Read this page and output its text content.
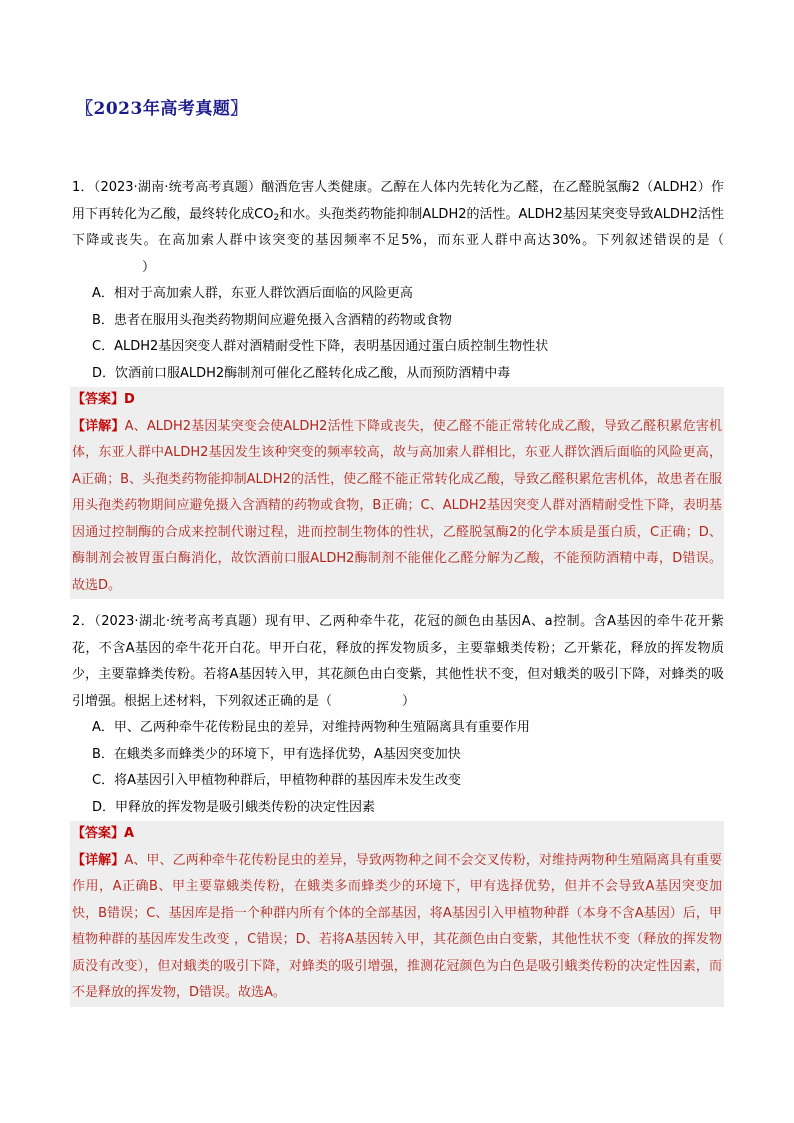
〖2023年高考真题〗

1．（2023·湖南·统考高考真题）酗酒危害人类健康。乙醇在人体内先转化为乙醛，在乙醛脱氢酶2（ALDH2）作用下再转化为乙酸，最终转化成$CO_2$和水。头孢类药物能抑制ALDH2的活性。ALDH2基因某突变导致ALDH2活性下降或丧失。在高加索人群中该突变的基因频率不足5%，而东亚人群中高达30%。下列叙述错误的是（）

A．相对于高加索人群，东亚人群饮酒后面临的风险更高

B．患者在服用头孢类药物期间应避免摄入含酒精的药物或食物

C．ALDH2基因突变人群对酒精耐受性下降，表明基因通过蛋白质控制生物性状

D．饮酒前口服ALDH2酶制剂可催化乙醛转化成乙酸，从而预防酒精中毒

【答案】D

【详解】A、ALDH2基因某突变会使ALDH2活性下降或丧失，使乙醛不能正常转化成乙酸，导致乙醛积累危害机体，东亚人群中ALDH2基因发生该种突变的频率较高，故与高加索人群相比，东亚人群饮酒后面临的风险更高，A正确；B、头孢类药物能抑制ALDH2的活性，使乙醛不能正常转化成乙酸，导致乙醛积累危害机体，故患者在服用头孢类药物期间应避免摄入含酒精的药物或食物，B正确；C、ALDH2基因突变人群对酒精耐受性下降，表明基因通过控制酶的合成来控制代谢过程，进而控制生物体的性状，乙醛脱氢酶2的化学本质是蛋白质，C正确；D、酶制剂会被胃蛋白酶消化，故饮酒前口服ALDH2酶制剂不能催化乙醛分解为乙酸，不能预防酒精中毒，D错误。故选D。

2．（2023·湖北·统考高考真题）现有甲、乙两种牵牛花，花冠的颜色由基因A、a控制。含A基因的牵牛花开紫花，不含A基因的牵牛花开白花。甲开白花，释放的挥发物质多，主要靠蛾类传粉；乙开紫花，释放的挥发物质少，主要靠蜂类传粉。若将A基因转入甲，其花颜色由白变紫，其他性状不变，但对蛾类的吸引下降，对蜂类的吸引增强。根据上述材料，下列叙述正确的是（	）

A．甲、乙两种牵牛花传粉昆虫的差异，对维持两物种生殖隔离具有重要作用

B．在蛾类多而蜂类少的环境下，甲有选择优势，A基因突变加快

C．将A基因引入甲植物种群后，甲植物种群的基因库未发生改变

D．甲释放的挥发物是吸引蛾类传粉的决定性因素

【答案】A

【详解】A、甲、乙两种牵牛花传粉昆虫的差异，导致两物种之间不会交叉传粉，对维持两物种生殖隔离具有重要作用，A正确B、甲主要靠蛾类传粉，在蛾类多而蜂类少的环境下，甲有选择优势，但并不会导致A基因突变加快，B错误；C、基因库是指一个种群内所有个体的全部基因，将A基因引入甲植物种群（本身不含A基因）后，甲植物种群的基因库发生改变 ，C错误；D、若将A基因转入甲，其花颜色由白变紫，其他性状不变（释放的挥发物质没有改变），但对蛾类的吸引下降，对蜂类的吸引增强，推测花冠颜色为白色是吸引蛾类传粉的决定性因素，而不是释放的挥发物，D错误。故选A。
